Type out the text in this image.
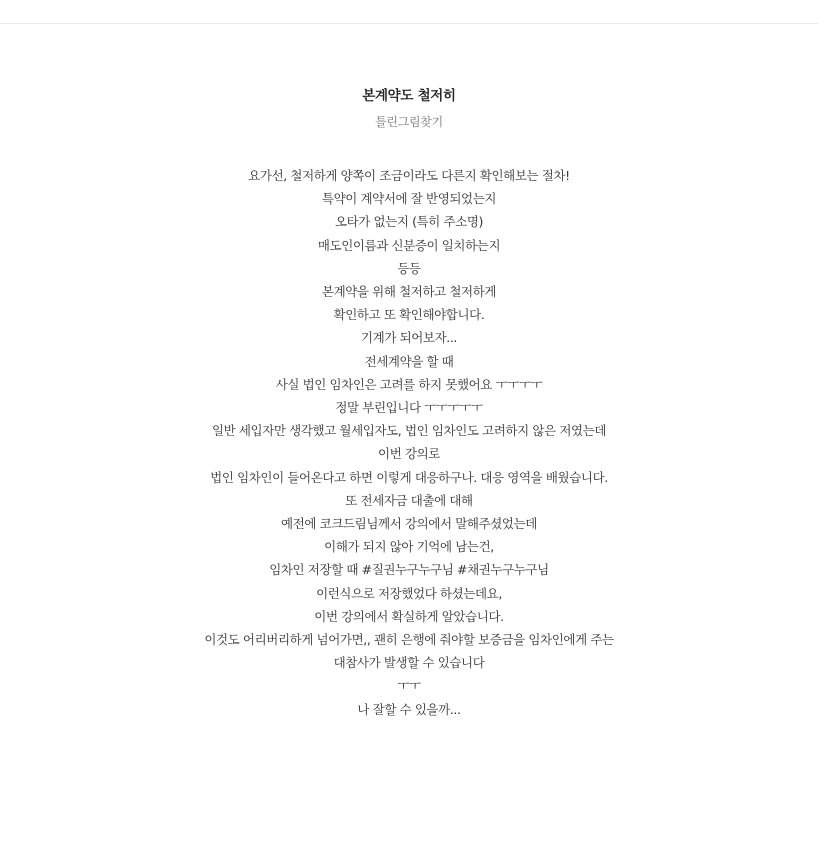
본계약도 철저히
틀린그림찾기
요가선, 철저하게 양쪽이 조금이라도 다른지 확인해보는 절차!
특약이 계약서에 잘 반영되었는지
오타가 없는지 (특히 주소명)
매도인이름과 신분증이 일치하는지
등등
본계약을 위해 철저하고 철저하게
확인하고 또 확인해야합니다.
기계가 되어보자...
전세계약을 할 때
사실 법인 임차인은 고려를 하지 못했어요 ㅜㅜㅜㅜ
정말 부린입니다 ㅜㅜㅜㅜㅜ
일반 세입자만 생각했고 월세입자도, 법인 임차인도 고려하지 않은 저였는데
이번 강의로
법인 임차인이 들어온다고 하면 이렇게 대응하구나. 대응 영역을 배웠습니다.
또 전세자금 대출에 대해
예전에 코크드림님께서 강의에서 말해주셨었는데
이해가 되지 않아 기억에 남는건,
임차인 저장할 때 #질권누구누구님 #채권누구누구님
이런식으로 저장했었다 하셨는데요,
이번 강의에서 확실하게 알았습니다.
이것도 어리버리하게 넘어가면,, 괜히 은행에 줘야할 보증금을 임차인에게 주는
대참사가 발생할 수 있습니다
ㅜㅜ
나 잘할 수 있을까...
